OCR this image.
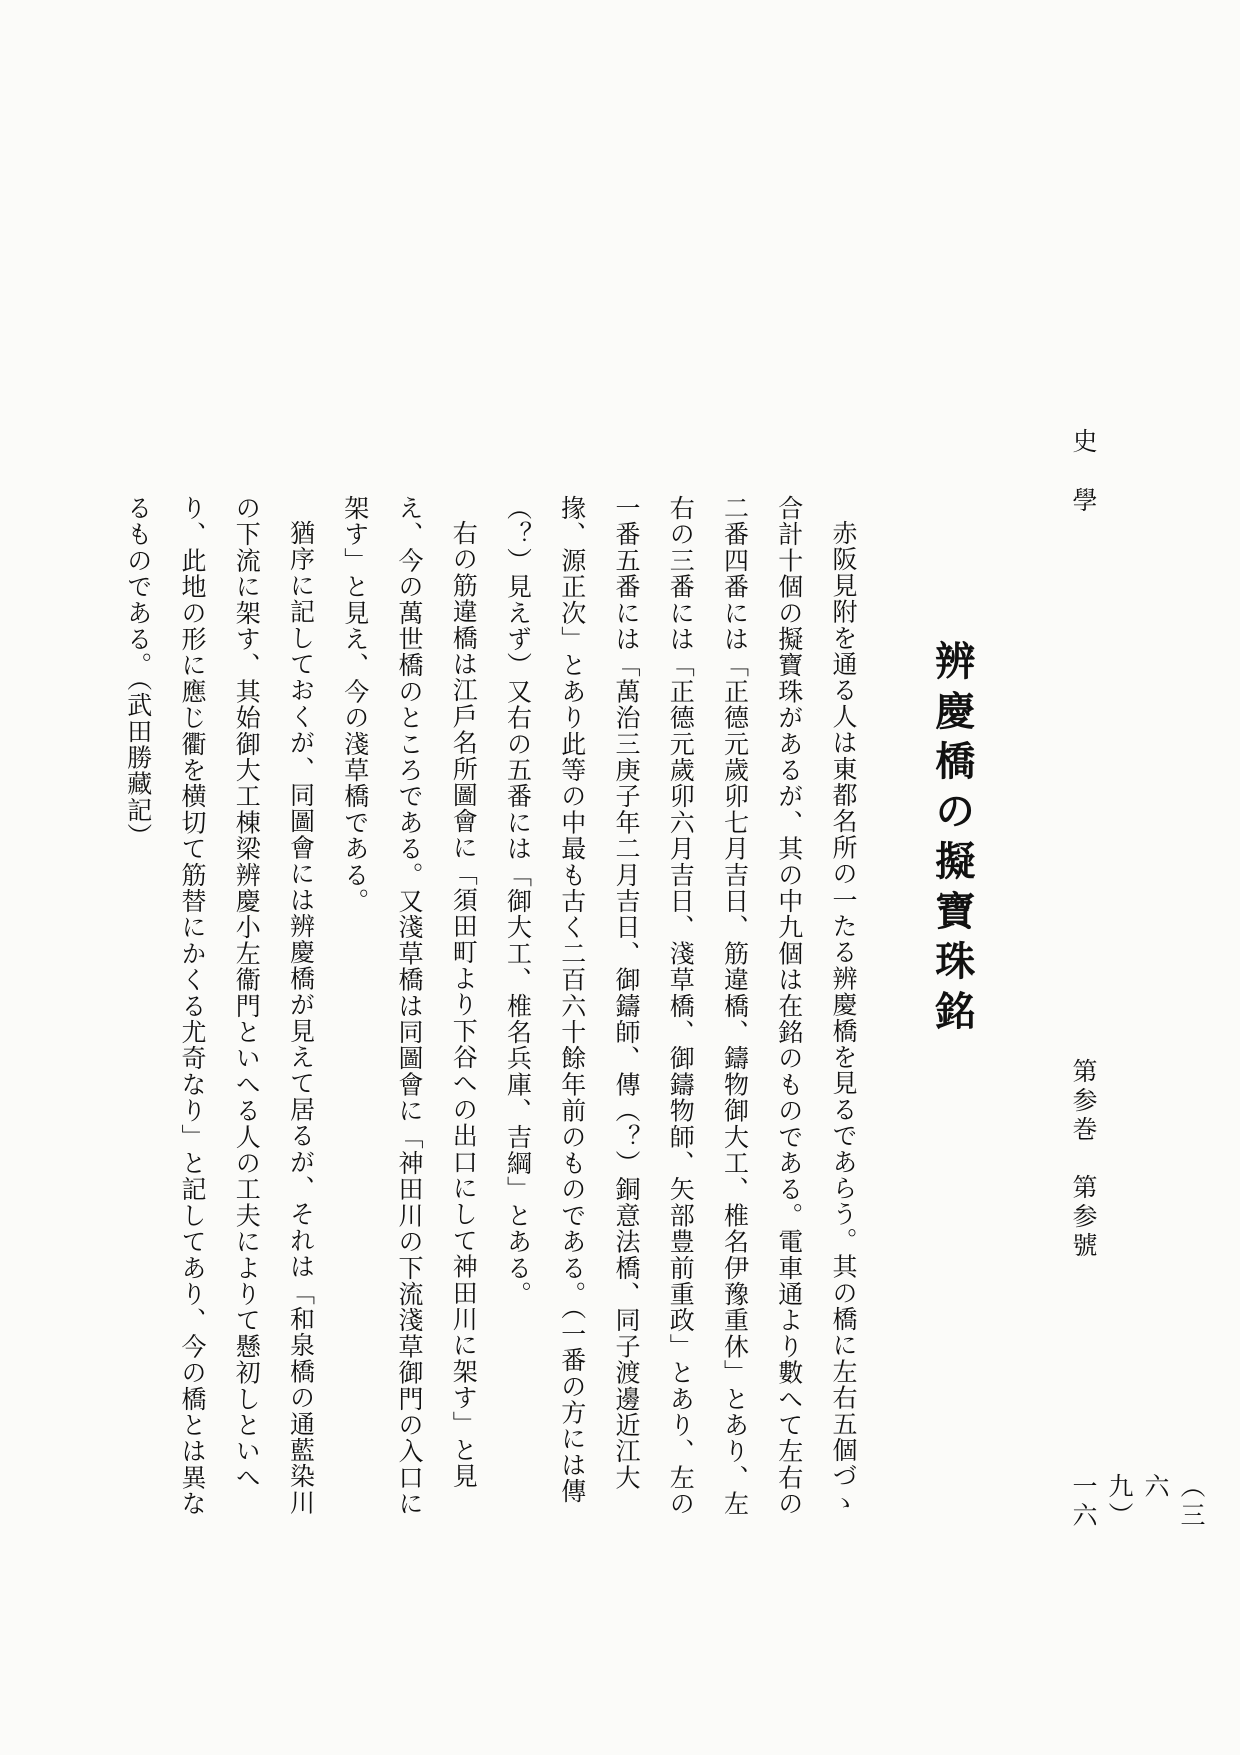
史學
第参巻　第参號
（三六九）一六
辨慶橋の擬寶珠銘

赤阪見附を通る人は東都名所の一たる辨慶橋を見るであらう。其の橋に左右五個づゝ合計十個の擬寶珠があるが、其の中九個は在銘のものである。電車通より數へて左右の二番四番には「正德元歲卯七月吉日、筋違橋、鑄物御大工、椎名伊豫重休」とあり、左右の三番には「正德元歲卯六月吉日、淺草橋、御鑄物師、矢部豊前重政」とあり、左の一番五番には「萬治三庚子年二月吉日、御鑄師、傳（？）銅意法橋、同子渡邊近江大掾、源正次」とあり此等の中最も古く二百六十餘年前のものである。（一番の方には傳（？）見えず）又右の五番には「御大工、椎名兵庫、吉綱」とある。

右の筋違橋は江戶名所圖會に「須田町より下谷への出口にして神田川に架す」と見え、今の萬世橋のところである。又淺草橋は同圖會に「神田川の下流淺草御門の入口に架す」と見え、今の淺草橋である。

猶序に記しておくが、同圖會には辨慶橋が見えて居るが、それは「和泉橋の通藍染川の下流に架す、其始御大工棟梁辨慶小左衞門といへる人の工夫によりて懸初しといへり、此地の形に應じ衢を横切て筋替にかくる尤奇なり」と記してあり、今の橋とは異なるものである。（武田勝藏記）
